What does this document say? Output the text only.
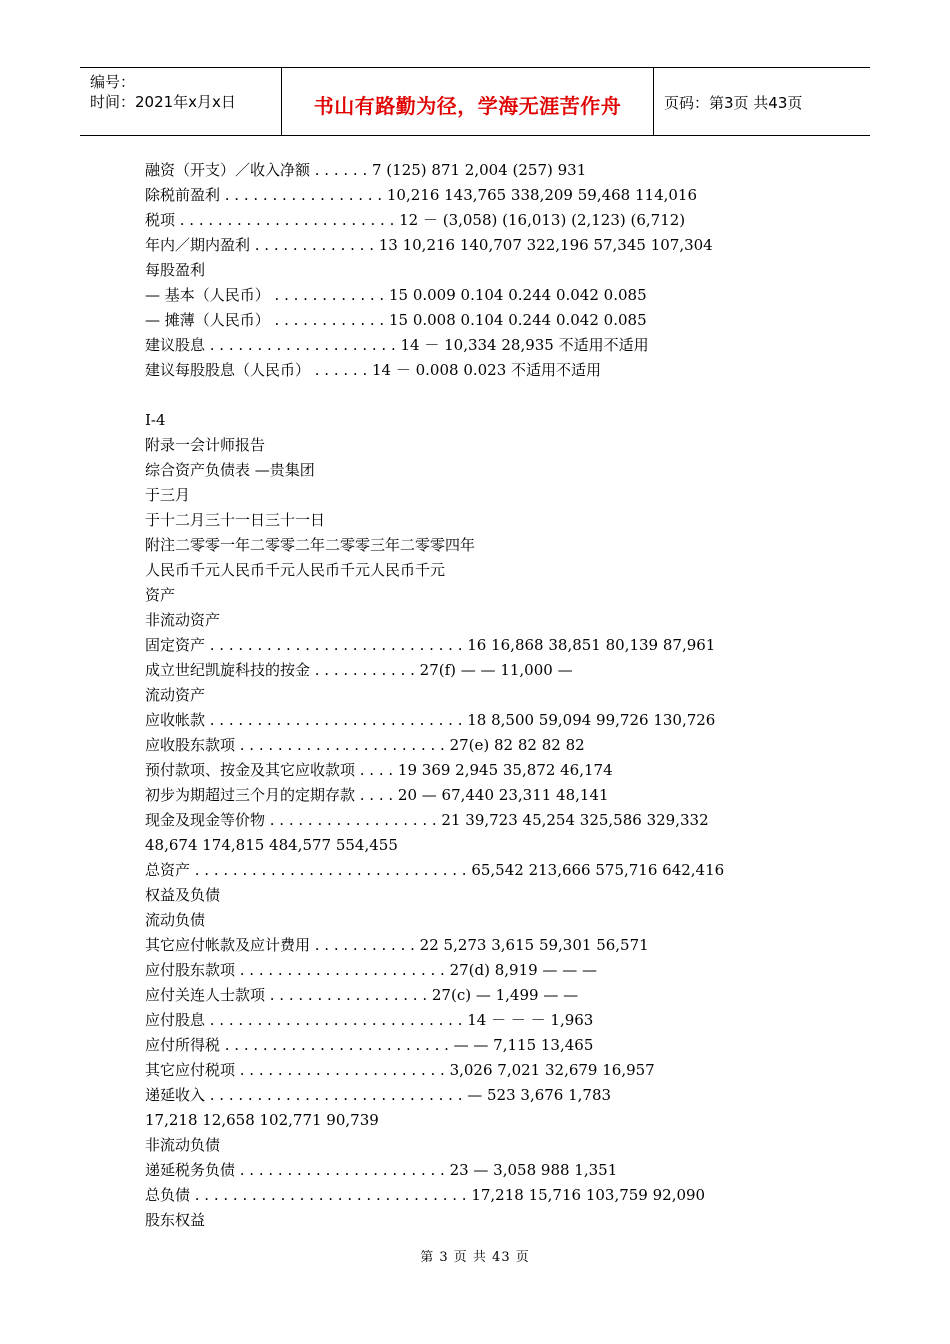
编号：
时间：2021年x月x日	书山有路勤为径，学海无涯苦作舟	页码：第3页 共43页
融资（开支）／收入净额 . . . . . . 7 (125) 871 2,004 (257) 931
除税前盈利 . . . . . . . . . . . . . . . . . 10,216 143,765 338,209 59,468 114,016
税项 . . . . . . . . . . . . . . . . . . . . . . . 12 － (3,058) (16,013) (2,123) (6,712)
年内／期内盈利 . . . . . . . . . . . . . 13 10,216 140,707 322,196 57,345 107,304
每股盈利
— 基本（人民币） . . . . . . . . . . . . 15 0.009 0.104 0.244 0.042 0.085
— 摊薄（人民币） . . . . . . . . . . . . 15 0.008 0.104 0.244 0.042 0.085
建议股息 . . . . . . . . . . . . . . . . . . . . 14 － 10,334 28,935 不适用不适用
建议每股股息（人民币） . . . . . . 14 － 0.008 0.023 不适用不适用
I-4
附录一会计师报告
综合资产负债表 —贵集团
于三月
于十二月三十一日三十一日
附注二零零一年二零零二年二零零三年二零零四年
人民币千元人民币千元人民币千元人民币千元
资产
非流动资产
固定资产 . . . . . . . . . . . . . . . . . . . . . . . . . . . 16 16,868 38,851 80,139 87,961
成立世纪凯旋科技的按金 . . . . . . . . . . . 27(f) — — 11,000 —
流动资产
应收帐款 . . . . . . . . . . . . . . . . . . . . . . . . . . . 18 8,500 59,094 99,726 130,726
应收股东款项 . . . . . . . . . . . . . . . . . . . . . . 27(e) 82 82 82 82
预付款项、按金及其它应收款项 . . . . 19 369 2,945 35,872 46,174
初步为期超过三个月的定期存款 . . . . 20 — 67,440 23,311 48,141
现金及现金等价物 . . . . . . . . . . . . . . . . . . 21 39,723 45,254 325,586 329,332
48,674 174,815 484,577 554,455
总资产 . . . . . . . . . . . . . . . . . . . . . . . . . . . . . 65,542 213,666 575,716 642,416
权益及负债
流动负债
其它应付帐款及应计费用 . . . . . . . . . . . 22 5,273 3,615 59,301 56,571
应付股东款项 . . . . . . . . . . . . . . . . . . . . . . 27(d) 8,919 — — —
应付关连人士款项 . . . . . . . . . . . . . . . . . 27(c) — 1,499 — —
应付股息 . . . . . . . . . . . . . . . . . . . . . . . . . . . 14 － － － 1,963
应付所得税 . . . . . . . . . . . . . . . . . . . . . . . . — — 7,115 13,465
其它应付税项 . . . . . . . . . . . . . . . . . . . . . . 3,026 7,021 32,679 16,957
递延收入 . . . . . . . . . . . . . . . . . . . . . . . . . . . — 523 3,676 1,783
17,218 12,658 102,771 90,739
非流动负债
递延税务负债 . . . . . . . . . . . . . . . . . . . . . . 23 — 3,058 988 1,351
总负债 . . . . . . . . . . . . . . . . . . . . . . . . . . . . . 17,218 15,716 103,759 92,090
股东权益
第 3 页 共 43 页
